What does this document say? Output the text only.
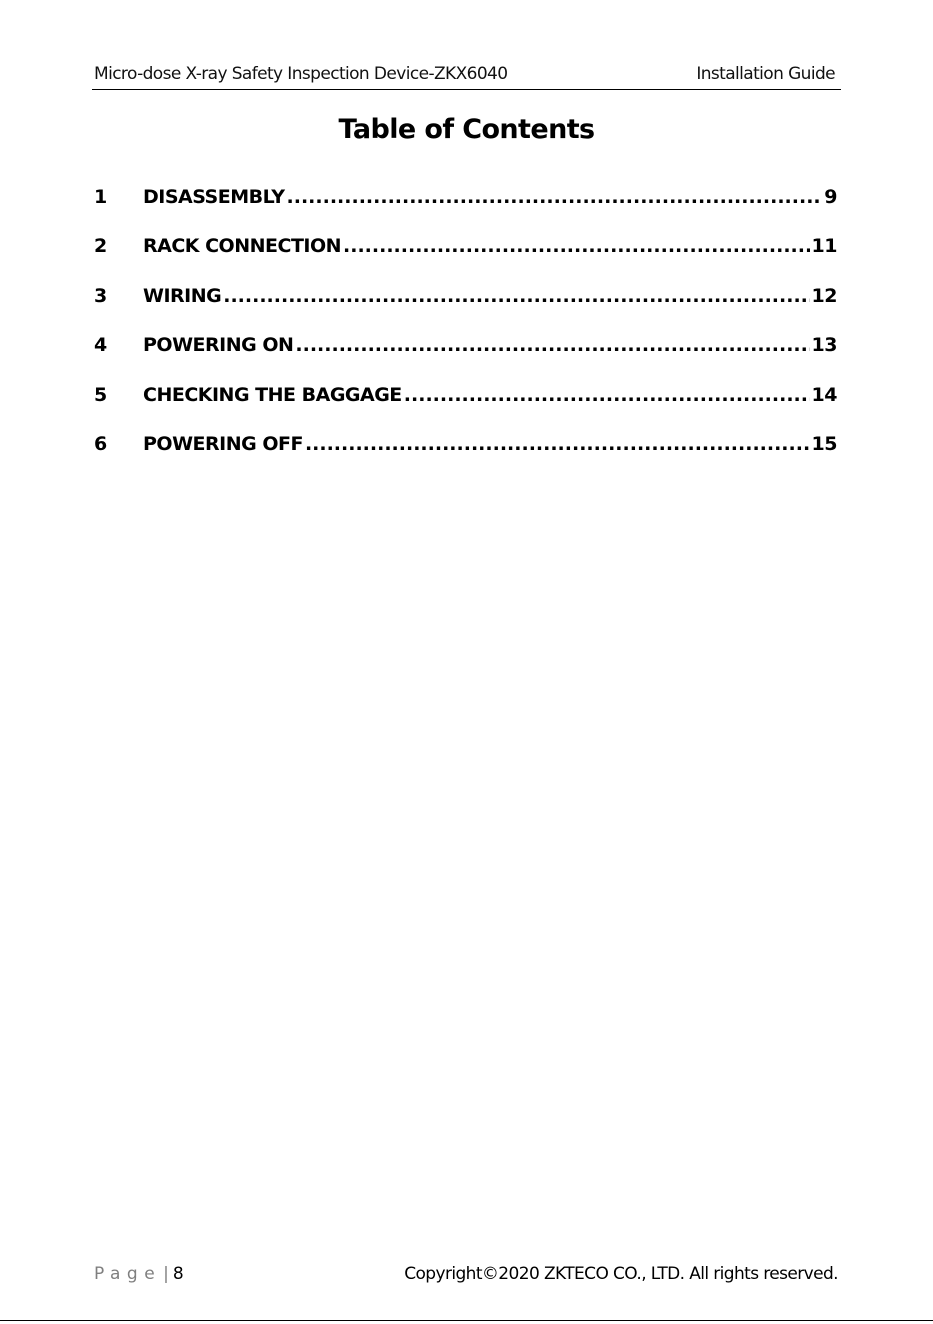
Micro-dose X-ray Safety Inspection Device-ZKX6040	Installation Guide
Table of Contents
1 DISASSEMBLY .....	9
2 RACK CONNECTION .....	11
3 WIRING .....	12
4 POWERING ON .....	13
5 CHECKING THE BAGGAGE .....	14
6 POWERING OFF .....	15
Page | 8	Copyright©2020 ZKTECO CO., LTD. All rights reserved.
